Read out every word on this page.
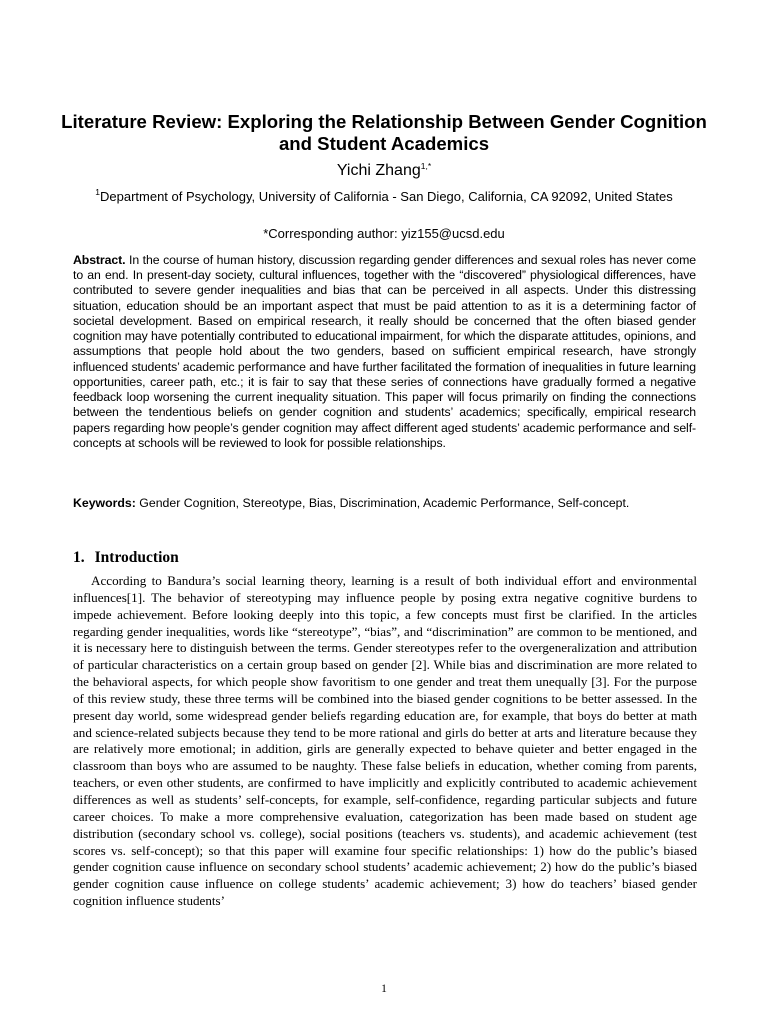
Literature Review: Exploring the Relationship Between Gender Cognition and Student Academics

Yichi Zhang$^{1,*}$

$^1$Department of Psychology, University of California - San Diego, California, CA 92092, United States

*Corresponding author: yiz155@ucsd.edu

Abstract. In the course of human history, discussion regarding gender differences and sexual roles has never come to an end. In present-day society, cultural influences, together with the “discovered” physiological differences, have contributed to severe gender inequalities and bias that can be perceived in all aspects. Under this distressing situation, education should be an important aspect that must be paid attention to as it is a determining factor of societal development. Based on empirical research, it really should be concerned that the often biased gender cognition may have potentially contributed to educational impairment, for which the disparate attitudes, opinions, and assumptions that people hold about the two genders, based on sufficient empirical research, have strongly influenced students’ academic performance and have further facilitated the formation of inequalities in future learning opportunities, career path, etc.; it is fair to say that these series of connections have gradually formed a negative feedback loop worsening the current inequality situation. This paper will focus primarily on finding the connections between the tendentious beliefs on gender cognition and students’ academics; specifically, empirical research papers regarding how people’s gender cognition may affect different aged students’ academic performance and self-concepts at schools will be reviewed to look for possible relationships.

Keywords: Gender Cognition, Stereotype, Bias, Discrimination, Academic Performance, Self-concept.

1. Introduction

According to Bandura’s social learning theory, learning is a result of both individual effort and environmental influences[1]. The behavior of stereotyping may influence people by posing extra negative cognitive burdens to impede achievement. Before looking deeply into this topic, a few concepts must first be clarified. In the articles regarding gender inequalities, words like “stereotype”, “bias”, and “discrimination” are common to be mentioned, and it is necessary here to distinguish between the terms. Gender stereotypes refer to the overgeneralization and attribution of particular characteristics on a certain group based on gender [2]. While bias and discrimination are more related to the behavioral aspects, for which people show favoritism to one gender and treat them unequally [3]. For the purpose of this review study, these three terms will be combined into the biased gender cognitions to be better assessed. In the present day world, some widespread gender beliefs regarding education are, for example, that boys do better at math and science-related subjects because they tend to be more rational and girls do better at arts and literature because they are relatively more emotional; in addition, girls are generally expected to behave quieter and better engaged in the classroom than boys who are assumed to be naughty. These false beliefs in education, whether coming from parents, teachers, or even other students, are confirmed to have implicitly and explicitly contributed to academic achievement differences as well as students’ self-concepts, for example, self-confidence, regarding particular subjects and future career choices. To make a more comprehensive evaluation, categorization has been made based on student age distribution (secondary school vs. college), social positions (teachers vs. students), and academic achievement (test scores vs. self-concept); so that this paper will examine four specific relationships: 1) how do the public’s biased gender cognition cause influence on secondary school students’ academic achievement; 2) how do the public’s biased gender cognition cause influence on college students’ academic achievement; 3) how do teachers’ biased gender cognition influence students’

1
